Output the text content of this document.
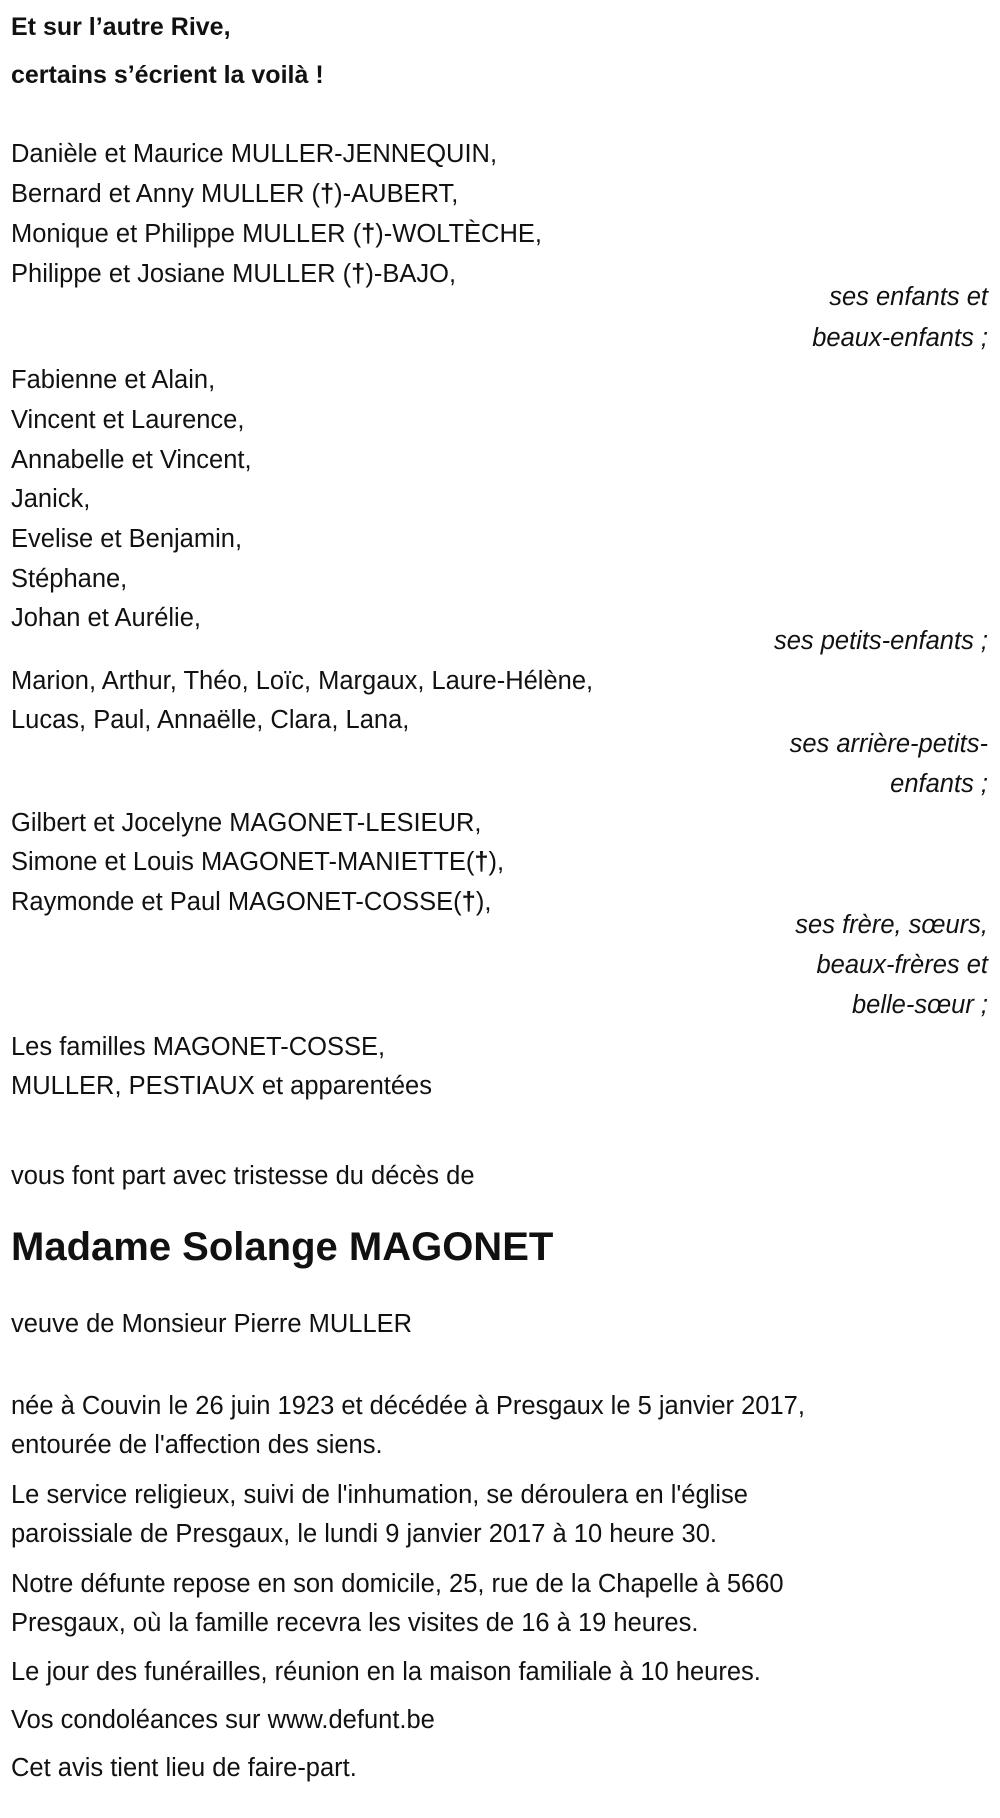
Et sur l’autre Rive,
certains s’écrient la voilà !
Danièle et Maurice MULLER-JENNEQUIN,
Bernard et Anny MULLER (†)-AUBERT,
Monique et Philippe MULLER (†)-WOLTÈCHE,
Philippe et Josiane MULLER (†)-BAJO,
ses enfants et
beaux-enfants ;
Fabienne et Alain,
Vincent et Laurence,
Annabelle et Vincent,
Janick,
Evelise et Benjamin,
Stéphane,
Johan et Aurélie,
ses petits-enfants ;
Marion, Arthur, Théo, Loïc, Margaux, Laure-Hélène,
Lucas, Paul, Annaëlle, Clara, Lana,
ses arrière-petits-
enfants ;
Gilbert et Jocelyne MAGONET-LESIEUR,
Simone et Louis MAGONET-MANIETTE(†),
Raymonde et Paul MAGONET-COSSE(†),
ses frère, sœurs,
beaux-frères et
belle-sœur ;
Les familles MAGONET-COSSE,
MULLER, PESTIAUX et apparentées
vous font part avec tristesse du décès de
Madame Solange MAGONET
veuve de Monsieur Pierre MULLER
née à Couvin le 26 juin 1923 et décédée à Presgaux le 5 janvier 2017,
entourée de l'affection des siens.
Le service religieux, suivi de l'inhumation, se déroulera en l'église
paroissiale de Presgaux, le lundi 9 janvier 2017 à 10 heure 30.
Notre défunte repose en son domicile, 25, rue de la Chapelle à 5660
Presgaux, où la famille recevra les visites de 16 à 19 heures.
Le jour des funérailles, réunion en la maison familiale à 10 heures.
Vos condoléances sur www.defunt.be
Cet avis tient lieu de faire-part.
